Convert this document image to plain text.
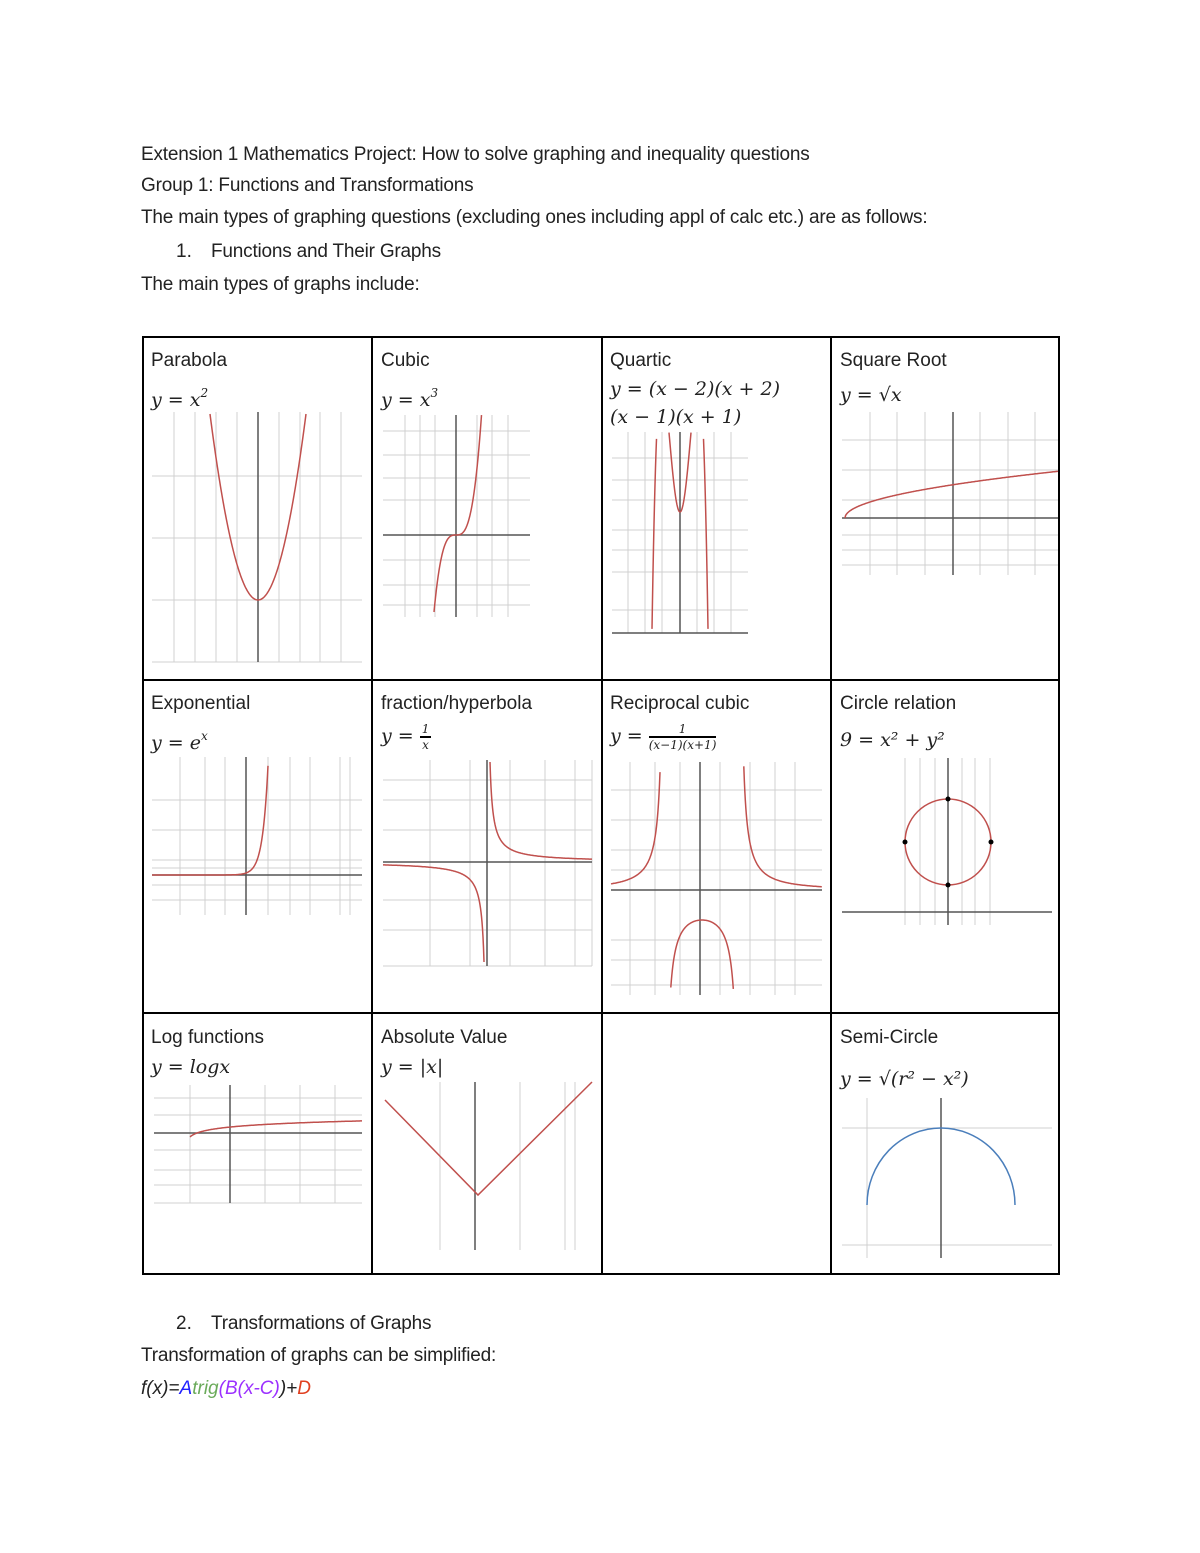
Extension 1 Mathematics Project: How to solve graphing and inequality questions
Group 1: Functions and Transformations
The main types of graphing questions (excluding ones including appl of calc etc.) are as follows:
1. Functions and Their Graphs
The main types of graphs include:
Parabola
$y = x^2$
Cubic
$y = x^3$
Quartic
y = (x − 2)(x + 2)
(x − 1)(x + 1)
Square Root
y = √x
Exponential
$y = e^x$
fraction/hyperbola
$y = \frac{1}{x}$
Reciprocal cubic
$y = \frac{1}{(x-1)(x+1)}$
Circle relation
9 = x² + y²
Log functions
y = logx
Absolute Value
y = |x|
Semi-Circle
y = √(r² − x²)
2. Transformations of Graphs
Transformation of graphs can be simplified:
f(x)=Atrig(B(x-C))+D
